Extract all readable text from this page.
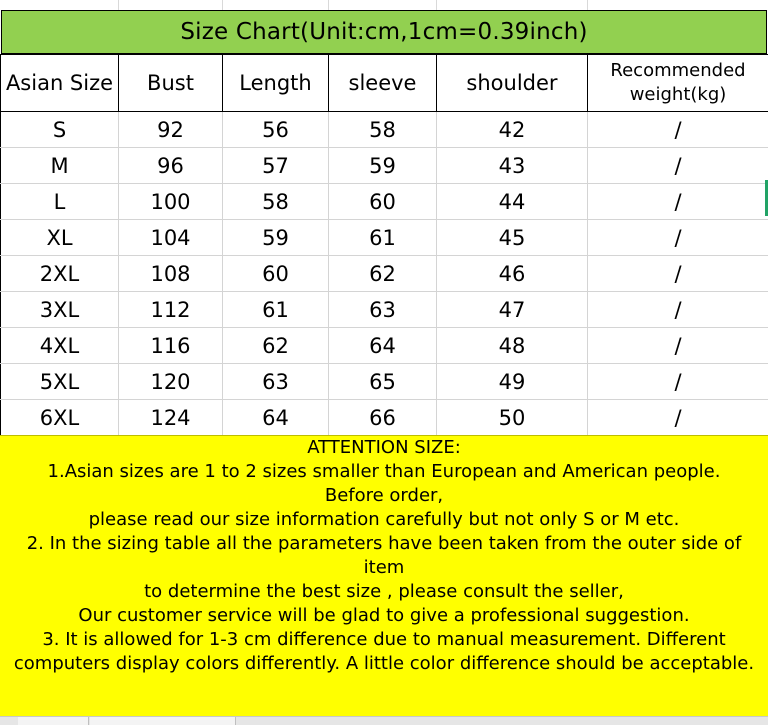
Size Chart(Unit:cm,1cm=0.39inch)
Asian Size	Bust	Length	sleeve	shoulder	Recommended
weight(kg)

S	92	56	58	42	/
M	96	57	59	43	/
L	100	58	60	44	/
XL	104	59	61	45	/
2XL	108	60	62	46	/
3XL	112	61	63	47	/
4XL	116	62	64	48	/
5XL	120	63	65	49	/
6XL	124	64	66	50	/
ATTENTION SIZE:
1.Asian sizes are 1 to 2 sizes smaller than European and American people.
Before order,
please read our size information carefully but not only S or M etc.
2. In the sizing table all the parameters have been taken from the outer side of item
to determine the best size , please consult the seller,
Our customer service will be glad to give a professional suggestion.
3. It is allowed for 1-3 cm difference due to manual measurement. Different computers display colors differently. A little color difference should be acceptable.
